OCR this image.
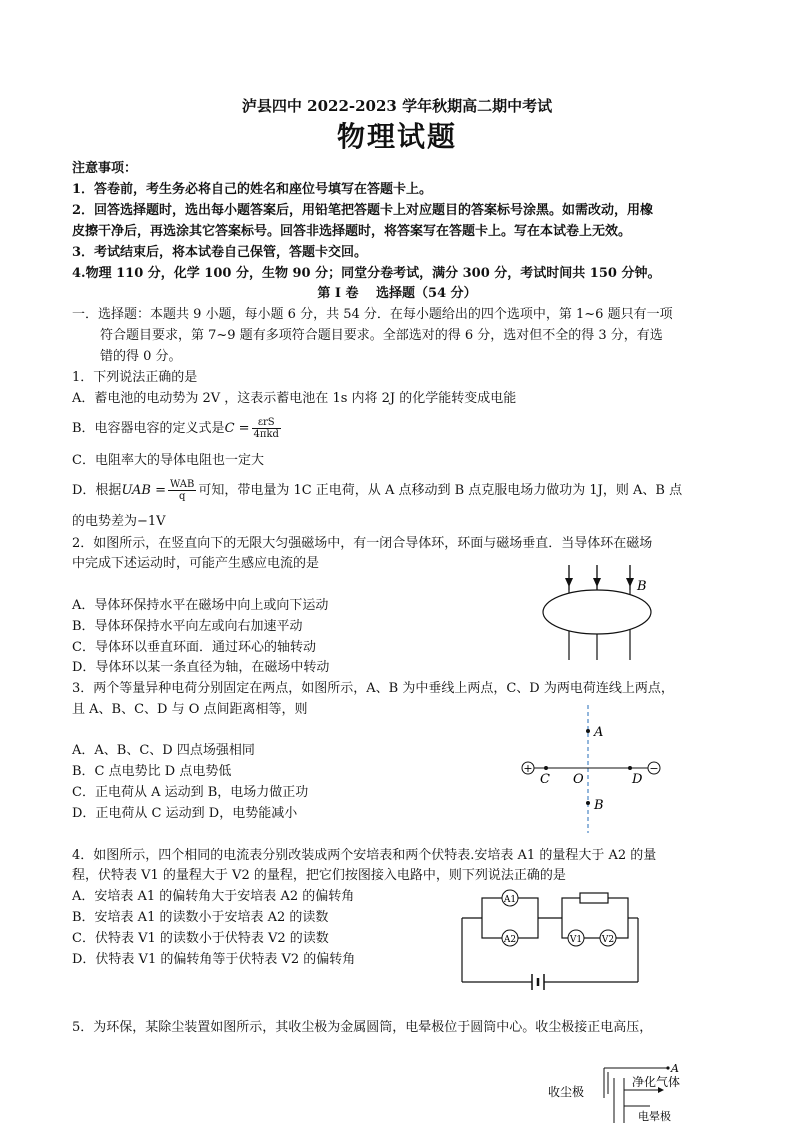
泸县四中 2022-2023 学年秋期高二期中考试
物理试题
注意事项：
1．答卷前，考生务必将自己的姓名和座位号填写在答题卡上。
2．回答选择题时，选出每小题答案后，用铅笔把答题卡上对应题目的答案标号涂黑。如需改动，用橡
皮擦干净后，再选涂其它答案标号。回答非选择题时，将答案写在答题卡上。写在本试卷上无效。
3．考试结束后，将本试卷自己保管，答题卡交回。
4.物理 110 分，化学 100 分，生物 90 分；同堂分卷考试，满分 300 分，考试时间共 150 分钟。
第 I 卷　 选择题（54 分）
一．选择题：本题共 9 小题，每小题 6 分，共 54 分．在每小题给出的四个选项中，第 1~6 题只有一项
符合题目要求，第 7~9 题有多项符合题目要求。全部选对的得 6 分，选对但不全的得 3 分，有选
错的得 0 分。
1．下列说法正确的是
A．蓄电池的电动势为 2V ，这表示蓄电池在 1s 内将 2J 的化学能转变成电能
B．电容器电容的定义式是$C = \frac{\text{εrS}}{\text{4πkd}}$
C．电阻率大的导体电阻也一定大
D．根据UAB = $\frac{\text{WAB}}{q}$ 可知，带电量为 1C 正电荷，从 A 点移动到 B 点克服电场力做功为 1J，则 A、B 点
的电势差为−1V
2．如图所示，在竖直向下的无限大匀强磁场中，有一闭合导体环，环面与磁场垂直．当导体环在磁场
中完成下述运动时，可能产生感应电流的是
A．导体环保持水平在磁场中向上或向下运动
B．导体环保持水平向左或向右加速平动
C．导体环以垂直环面．通过环心的轴转动
D．导体环以某一条直径为轴，在磁场中转动
B
3．两个等量异种电荷分别固定在两点，如图所示，A、B 为中垂线上两点，C、D 为两电荷连线上两点，
且 A、B、C、D 与 O 点间距离相等，则
A．A、B、C、D 四点场强相同
B．C 点电势比 D 点电势低
C．正电荷从 A 运动到 B，电场力做正功
D．正电荷从 C 运动到 D，电势能减小
+	−
A
B
C O	D
4．如图所示，四个相同的电流表分别改装成两个安培表和两个伏特表.安培表 A1 的量程大于 A2 的量
程，伏特表 V1 的量程大于 V2 的量程，把它们按图接入电路中，则下列说法正确的是
A．安培表 A1 的偏转角大于安培表 A2 的偏转角
B．安培表 A1 的读数小于安培表 A2 的读数
C．伏特表 V1 的读数小于伏特表 V2 的读数
D．伏特表 V1 的偏转角等于伏特表 V2 的偏转角
A1
A2	V1 V2
5．为环保，某除尘装置如图所示，其收尘极为金属圆筒，电晕极位于圆筒中心。收尘极接正电高压，
A
净化气体
收尘极
电晕极
